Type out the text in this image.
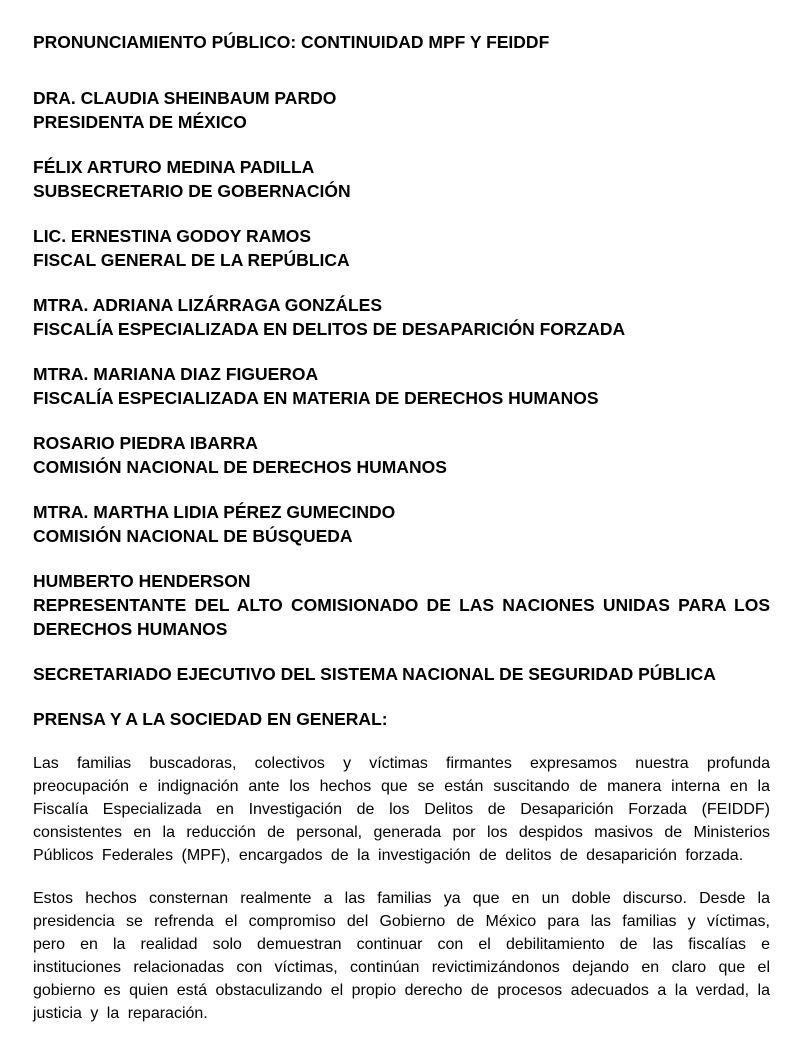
PRONUNCIAMIENTO PÚBLICO: CONTINUIDAD MPF Y FEIDDF

DRA. CLAUDIA SHEINBAUM PARDO
PRESIDENTA DE MÉXICO
FÉLIX ARTURO MEDINA PADILLA
SUBSECRETARIO DE GOBERNACIÓN
LIC. ERNESTINA GODOY RAMOS
FISCAL GENERAL DE LA REPÚBLICA
MTRA. ADRIANA LIZÁRRAGA GONZÁLES
FISCALÍA ESPECIALIZADA EN DELITOS DE DESAPARICIÓN FORZADA
MTRA. MARIANA DIAZ FIGUEROA
FISCALÍA ESPECIALIZADA EN MATERIA DE DERECHOS HUMANOS
ROSARIO PIEDRA IBARRA
COMISIÓN NACIONAL DE DERECHOS HUMANOS
MTRA. MARTHA LIDIA PÉREZ GUMECINDO
COMISIÓN NACIONAL DE BÚSQUEDA
HUMBERTO HENDERSON
REPRESENTANTE DEL ALTO COMISIONADO DE LAS NACIONES UNIDAS PARA LOS DERECHOS HUMANOS

SECRETARIADO EJECUTIVO DEL SISTEMA NACIONAL DE SEGURIDAD PÚBLICA

PRENSA Y A LA SOCIEDAD EN GENERAL:

Las familias buscadoras, colectivos y víctimas firmantes expresamos nuestra profunda preocupación e indignación ante los hechos que se están suscitando de manera interna en la Fiscalía Especializada en Investigación de los Delitos de Desaparición Forzada (FEIDDF) consistentes en la reducción de personal, generada por los despidos masivos de Ministerios Públicos Federales (MPF), encargados de la investigación de delitos de desaparición forzada.

Estos hechos consternan realmente a las familias ya que en un doble discurso. Desde la presidencia se refrenda el compromiso del Gobierno de México para las familias y víctimas, pero en la realidad solo demuestran continuar con el debilitamiento de las fiscalías e instituciones relacionadas con víctimas, continúan revictimizándonos dejando en claro que el gobierno es quien está obstaculizando el propio derecho de procesos adecuados a la verdad, la justicia y la reparación.
